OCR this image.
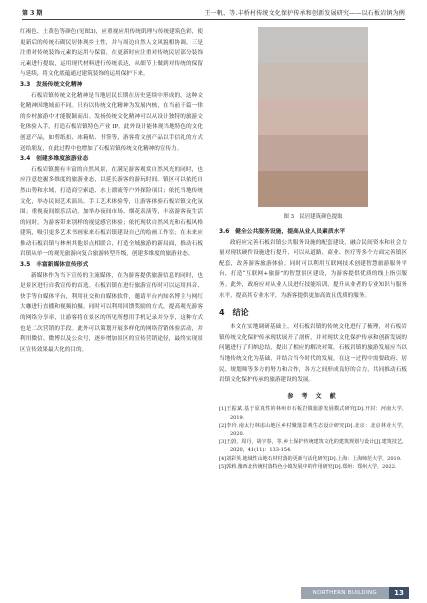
第 3 期	王一帆，等.丰桥村传统文化保护传承和创新发展研究——以石板岩镇为例

红褐色、土黄色等颜色(见图3)，应重视应用传统肌理与传统建筑色彩，使更新后的传统石砌民居体现乡土性，并与周边自然人文风貌相协调。三是注重对传统装饰元素的运用与保留，在更新时应注重对传统民居部分装饰元素进行提取，运用现代材料进行传统表达，从细节上做到对传统的保留与延续，将文化底蕴通过建筑装饰的运用保护下来。

3.3　发扬传统文化精神

石板岩镇传统文化精神是当地居民长期在历史延续中形成的，这种文化精神因地域而不同。只有以传统文化精神为发展内核，在当前千篇一律的乡村旅游中才能脱颖而出。发扬传统文化精神可以从设计独特的旅游文化体验入手，打造石板岩镇特色产业 IP。此外设计能体现当地特色的文化创意产品，如剪纸扣、冰箱贴、书签等，游客将文创产品以手信礼的方式送给朋友，在此过程中也增加了石板岩镇传统文化精神的宣传力。

3.4　创建多维度旅游业态

石板岩镇拥有丰富的自然风景，在满足游客观赏自然风光的同时，也应注意挖掘多维度的旅游业态，以延长游客的游玩时间。镇区可以依托自然山势和水域，打造商空索道、水上漂流等户外探险项目；依托当地传统文化，举办民间艺术演出、手工艺术体验等，让游客体验石板岩镇文化氛围；重视夜间娱乐活动，加举办夜间市场、烟花表演等，丰富游客夜生活的同时，为游客带来别样的视觉感官体验；依托现状自然风光和石板风格建筑，吸引更多艺术书画家来石板岩镇建设自己的绘画工作室；在未来应推动石板岩镇与林州其他景点相联合，打造全域旅游的新局面，推动石板岩镇从单一的观光旅游向复合旅游转型升级，创建多维度的旅游业态。

3.5　丰富新媒体宣传形式

新媒体作为当下宣传的主流媒体，在为游客提供旅游信息的同时，也是景区进行自我宣传的首选。石板岩镇在进行旅游宣传时可以运用抖音、快手等自媒体平台，利用社交和自媒体软件，邀请平台内知名博主与网红大咖进行直播和视频拍摄。同时可以利用回馈奖励的方式，提高观光游客的网络分享率，让游客将在景区的所见所想用手机记录并分享，这种方式也是二次营销的手段。此外可以策划开展多样化的网络营销体验活动，并利用微信、微博以及公众号，逐步增加景区的宣传营销途径，最终实现景区宣传效果最大化的目的。

图 3　民居建筑颜色提取
3.6　健全公共服务设施，提高从业人员素质水平

政府应完善石板岩镇公共服务设施的配套建设，融合民间资本和社会力量对现状硬件设施进行提升，可以从道路、商业、医疗等多个方面完善镇区配套，改善游客旅游体验。同时可以利用互联网技术创建智慧旅游服务平台，打造“互联网+旅游”的智慧景区建设，为游客提供优质的线上指引服务。此外，政府应对从业人员进行技能培训，提升从业者的专业知识与服务水平，提高其专业水平，为游客提供更加高效且优质的服务。

4　结论

本文在实地调研基础上，对石板岩镇的传统文化进行了梳理，对石板岩镇传统文化保护传承现状展开了剖析，并对现状文化保护传承和创新发展的问题进行了归纳总结，提出了相应的解决对策。石板岩镇的旅游发展应当以当地传统文化为基础，并结合当今时代的发展，在这一过程中需要政府、居民、规划师等多方的努力和合作，各方之间形成良好的合力，共同推动石板岩镇文化保护传承的旅游建设的发展。

参 考 文 献
[1]王振斌.基于原真性的林州市石板岩镇旅游发展模式研究[D].开封：河南大学，2019.
[2]李玲.南太行林虑山地区乡村聚落景观生态设计研究[D].北京：北京林业大学，2020.
[3]王蔚，周丹，胡宇春，等.乡土保护传统建筑文化的建筑规划与设计[J].建筑技艺，2020，41(11)：133-154.
[4]刘彩英.地域性山地石材村落的更新与活化研究[D].上海：上海师范大学，2019.
[5]郭莉.豫西北传统村落特色小镇发展中的作用研究[D].郑州：郑州大学，2022.
NORTHERN BUILDING	13
